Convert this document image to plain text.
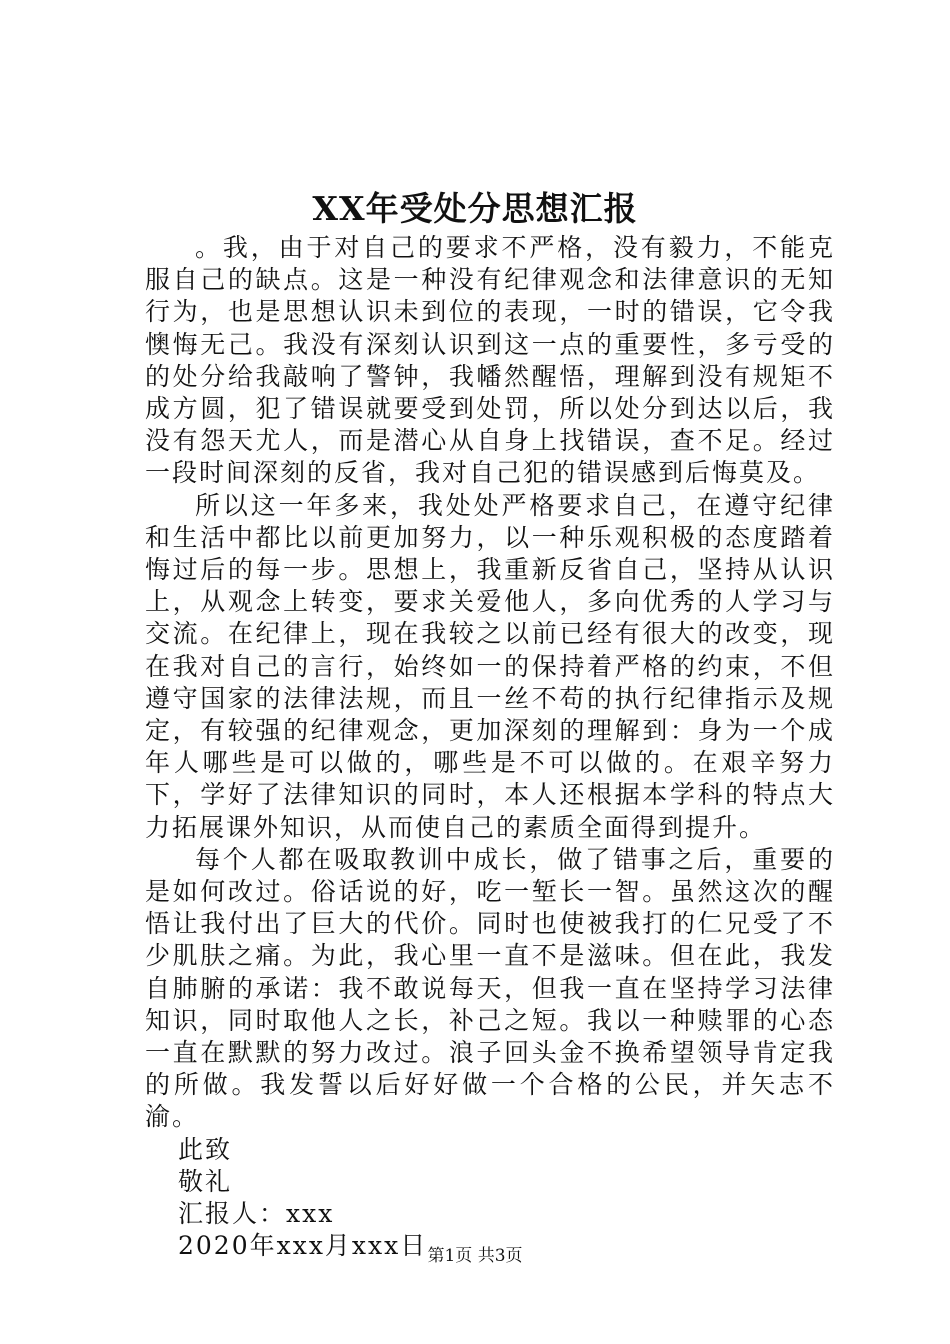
XX年受处分思想汇报

。我，由于对自己的要求不严格，没有毅力，不能克服自己的缺点。这是一种没有纪律观念和法律意识的无知行为，也是思想认识未到位的表现，一时的错误，它令我懊悔无己。我没有深刻认识到这一点的重要性，多亏受的的处分给我敲响了警钟，我幡然醒悟，理解到没有规矩不成方圆，犯了错误就要受到处罚，所以处分到达以后，我没有怨天尤人，而是潜心从自身上找错误，查不足。经过一段时间深刻的反省，我对自己犯的错误感到后悔莫及。

所以这一年多来，我处处严格要求自己，在遵守纪律和生活中都比以前更加努力，以一种乐观积极的态度踏着悔过后的每一步。思想上，我重新反省自己，坚持从认识上，从观念上转变，要求关爱他人，多向优秀的人学习与交流。在纪律上，现在我较之以前已经有很大的改变，现在我对自己的言行，始终如一的保持着严格的约束，不但遵守国家的法律法规，而且一丝不苟的执行纪律指示及规定，有较强的纪律观念，更加深刻的理解到：身为一个成年人哪些是可以做的，哪些是不可以做的。在艰辛努力下，学好了法律知识的同时，本人还根据本学科的特点大力拓展课外知识，从而使自己的素质全面得到提升。

每个人都在吸取教训中成长，做了错事之后，重要的是如何改过。俗话说的好，吃一堑长一智。虽然这次的醒悟让我付出了巨大的代价。同时也使被我打的仁兄受了不少肌肤之痛。为此，我心里一直不是滋味。但在此，我发自肺腑的承诺：我不敢说每天，但我一直在坚持学习法律知识，同时取他人之长，补己之短。我以一种赎罪的心态一直在默默的努力改过。浪子回头金不换希望领导肯定我的所做。我发誓以后好好做一个合格的公民，并矢志不渝。

此致

敬礼

汇报人：xxx

2020年xxx月xxx日 第1页 共3页
